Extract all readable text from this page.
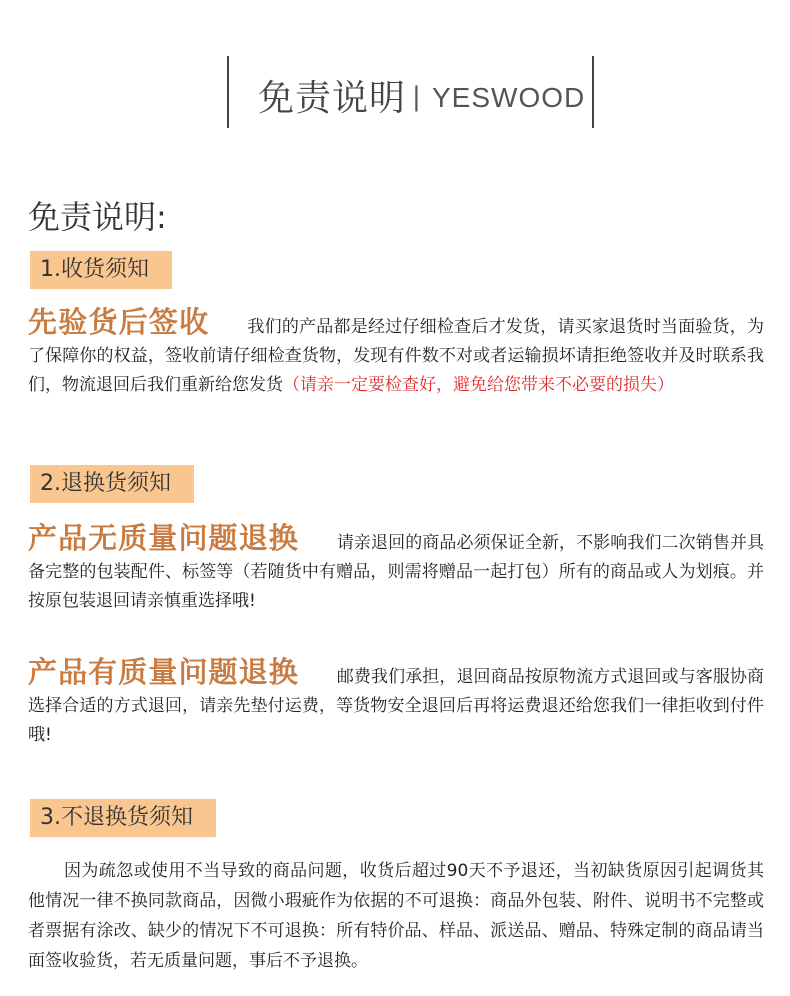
免责说明 | YESWOOD
免责说明:
1.收货须知
先验货后签收 我们的产品都是经过仔细检查后才发货，请买家退货时当面验货，为了保障你的权益，签收前请仔细检查货物，发现有件数不对或者运输损坏请拒绝签收并及时联系我们，物流退回后我们重新给您发货（请亲一定要检查好，避免给您带来不必要的损失）
2.退换货须知
产品无质量问题退换 请亲退回的商品必须保证全新，不影响我们二次销售并具备完整的包装配件、标签等（若随货中有赠品，则需将赠品一起打包）所有的商品或人为划痕。并按原包装退回请亲慎重选择哦!
产品有质量问题退换 邮费我们承担，退回商品按原物流方式退回或与客服协商选择合适的方式退回，请亲先垫付运费，等货物安全退回后再将运费退还给您我们一律拒收到付件哦!
3.不退换货须知
因为疏忽或使用不当导致的商品问题，收货后超过90天不予退还，当初缺货原因引起调货其他情况一律不换同款商品，因微小瑕疵作为依据的不可退换：商品外包装、附件、说明书不完整或者票据有涂改、缺少的情况下不可退换：所有特价品、样品、派送品、赠品、特殊定制的商品请当面签收验货，若无质量问题，事后不予退换。
